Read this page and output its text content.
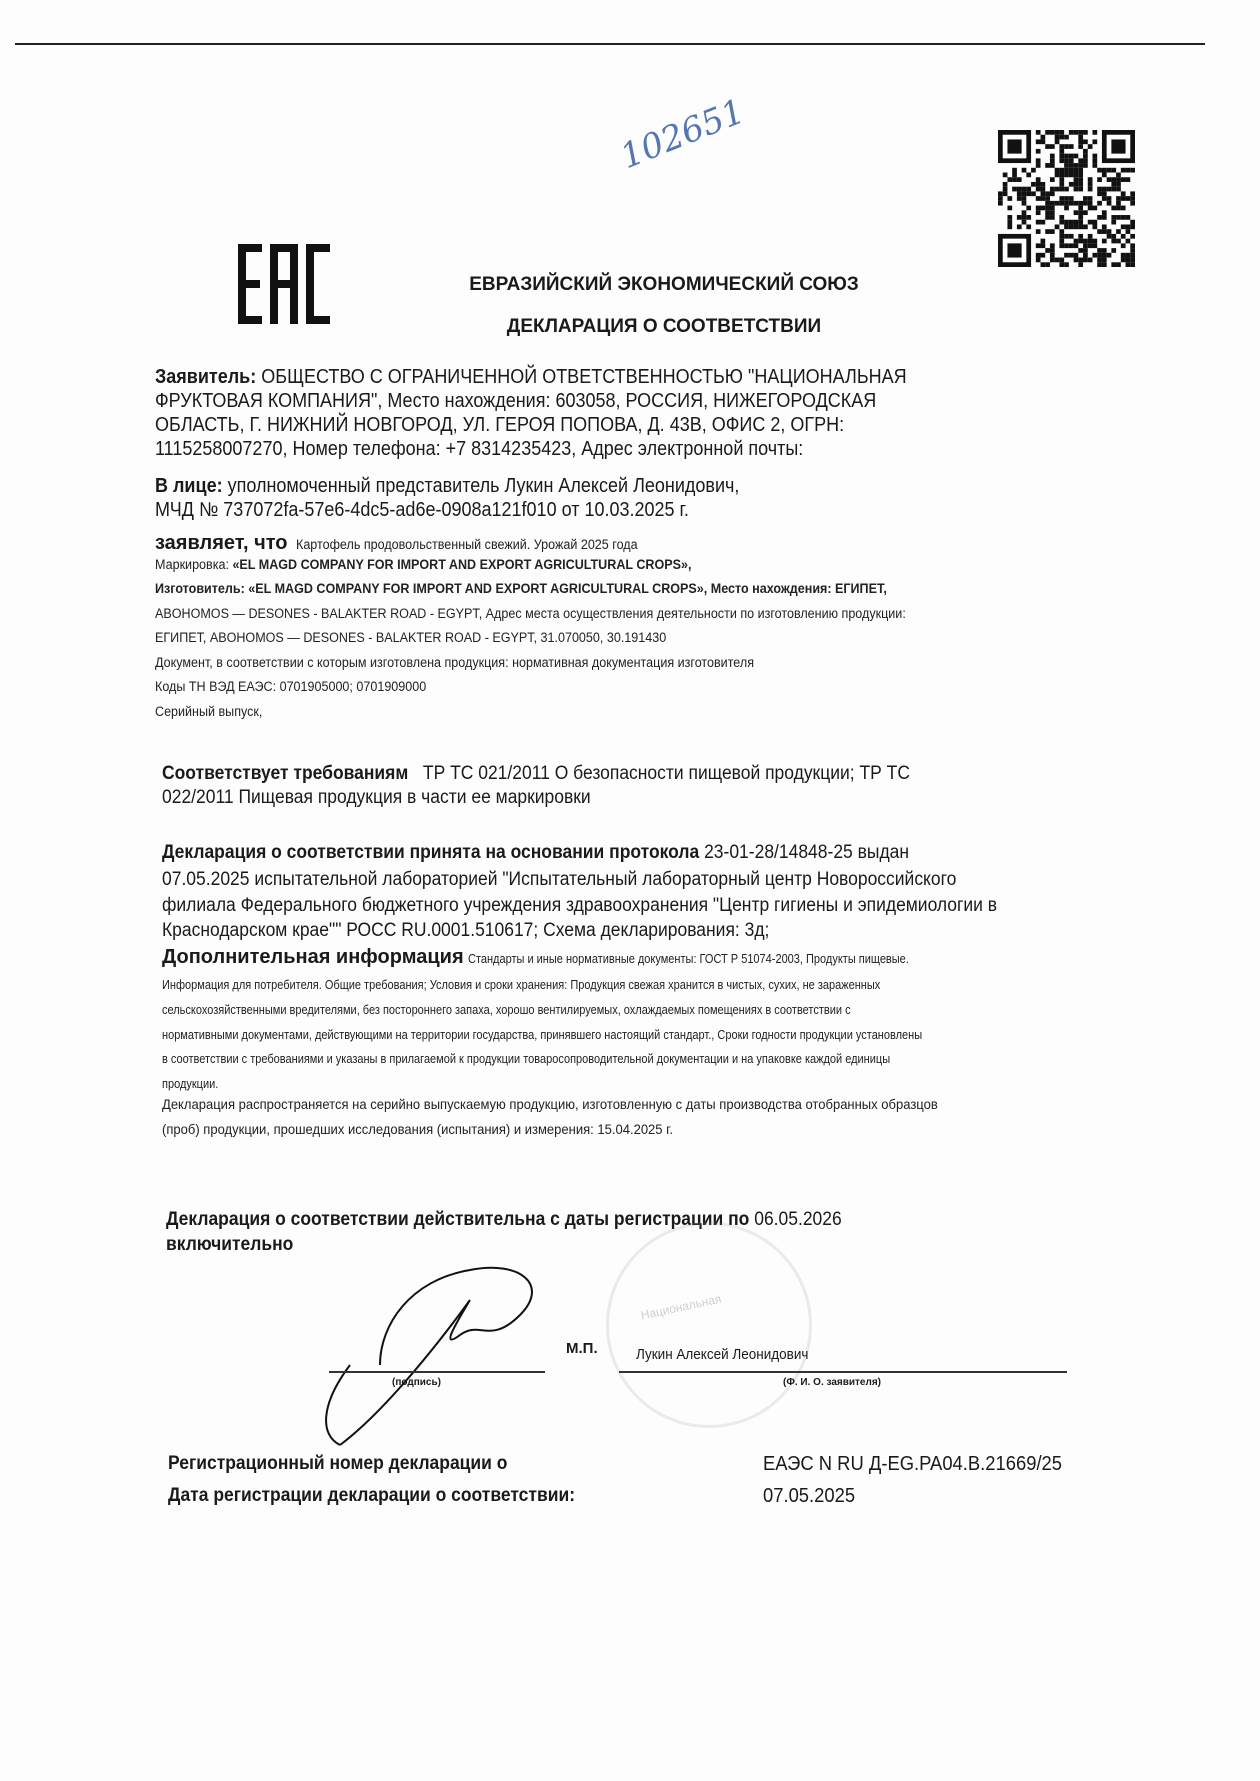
102651
ЕВРАЗИЙСКИЙ ЭКОНОМИЧЕСКИЙ СОЮЗ
ДЕКЛАРАЦИЯ О СООТВЕТСТВИИ
Заявитель: ОБЩЕСТВО С ОГРАНИЧЕННОЙ ОТВЕТСТВЕННОСТЬЮ "НАЦИОНАЛЬНАЯ
ФРУКТОВАЯ КОМПАНИЯ", Место нахождения: 603058, РОССИЯ, НИЖЕГОРОДСКАЯ
ОБЛАСТЬ, Г. НИЖНИЙ НОВГОРОД, УЛ. ГЕРОЯ ПОПОВА, Д. 43В, ОФИС 2, ОГРН:
1115258007270, Номер телефона: +7 8314235423, Адрес электронной почты:
В лице: уполномоченный представитель Лукин Алексей Леонидович,
МЧД № 737072fa-57e6-4dc5-ad6e-0908a121f010 от 10.03.2025 г.
заявляет, что Картофель продовольственный свежий. Урожай 2025 года
Маркировка: «EL MAGD COMPANY FOR IMPORT AND EXPORT AGRICULTURAL CROPS»,
Изготовитель: «EL MAGD COMPANY FOR IMPORT AND EXPORT AGRICULTURAL CROPS», Место нахождения: ЕГИПЕТ,
ABOHOMOS — DESONES - BALAKTER ROAD - EGYPT, Адрес места осуществления деятельности по изготовлению продукции:
ЕГИПЕТ, ABOHOMOS — DESONES - BALAKTER ROAD - EGYPT, 31.070050, 30.191430
Документ, в соответствии с которым изготовлена продукция: нормативная документация изготовителя
Коды ТН ВЭД ЕАЭС: 0701905000; 0701909000
Серийный выпуск,
Соответствует требованиям ТР ТС 021/2011 О безопасности пищевой продукции; ТР ТС
022/2011 Пищевая продукция в части ее маркировки
Декларация о соответствии принята на основании протокола 23-01-28/14848-25 выдан
07.05.2025 испытательной лабораторией "Испытательный лабораторный центр Новороссийского
филиала Федерального бюджетного учреждения здравоохранения "Центр гигиены и эпидемиологии в
Краснодарском крае"" РОСС RU.0001.510617; Схема декларирования: 3д;
Дополнительная информация Стандарты и иные нормативные документы: ГОСТ Р 51074-2003, Продукты пищевые.
Информация для потребителя. Общие требования; Условия и сроки хранения: Продукция свежая хранится в чистых, сухих, не зараженных
сельскохозяйственными вредителями, без постороннего запаха, хорошо вентилируемых, охлаждаемых помещениях в соответствии с
нормативными документами, действующими на территории государства, принявшего настоящий стандарт., Сроки годности продукции установлены
в соответствии с требованиями и указаны в прилагаемой к продукции товаросопроводительной документации и на упаковке каждой единицы
продукции.
Декларация распространяется на серийно выпускаемую продукцию, изготовленную с даты производства отобранных образцов
(проб) продукции, прошедших исследования (испытания) и измерения: 15.04.2025 г.
Декларация о соответствии действительна с даты регистрации по 06.05.2026
включительно
Национальная
М.П.	Лукин Алексей Леонидович
(подпись)	(Ф. И. О. заявителя)
Регистрационный номер декларации о	ЕАЭС N RU Д-EG.PA04.B.21669/25
Дата регистрации декларации о соответствии:	07.05.2025
